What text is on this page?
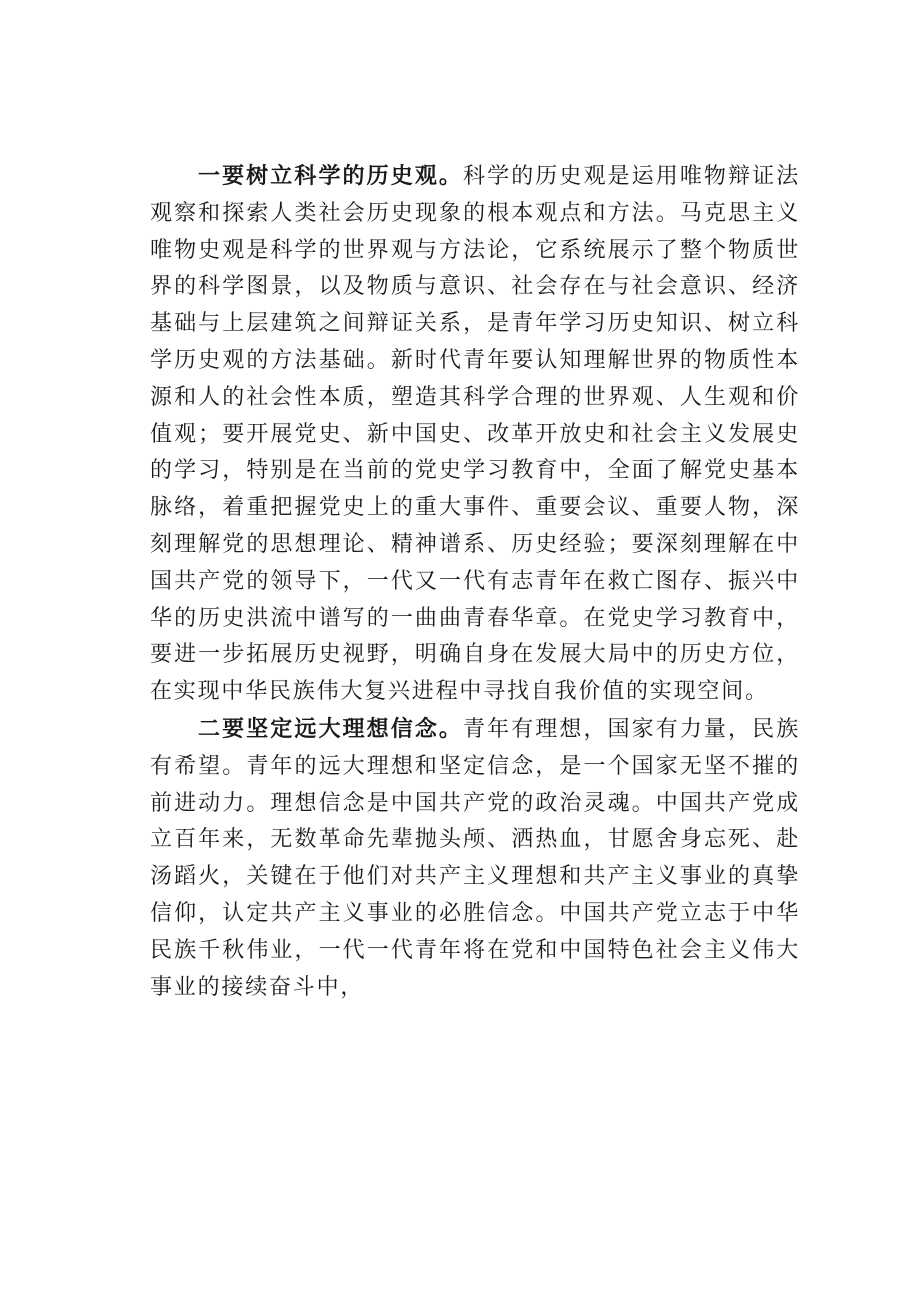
一要树立科学的历史观。科学的历史观是运用唯物辩证法观察和探索人类社会历史现象的根本观点和方法。马克思主义唯物史观是科学的世界观与方法论，它系统展示了整个物质世界的科学图景，以及物质与意识、社会存在与社会意识、经济基础与上层建筑之间辩证关系，是青年学习历史知识、树立科学历史观的方法基础。新时代青年要认知理解世界的物质性本源和人的社会性本质，塑造其科学合理的世界观、人生观和价值观；要开展党史、新中国史、改革开放史和社会主义发展史的学习，特别是在当前的党史学习教育中，全面了解党史基本脉络，着重把握党史上的重大事件、重要会议、重要人物，深刻理解党的思想理论、精神谱系、历史经验；要深刻理解在中国共产党的领导下，一代又一代有志青年在救亡图存、振兴中华的历史洪流中谱写的一曲曲青春华章。在党史学习教育中，要进一步拓展历史视野，明确自身在发展大局中的历史方位，在实现中华民族伟大复兴进程中寻找自我价值的实现空间。

二要坚定远大理想信念。青年有理想，国家有力量，民族有希望。青年的远大理想和坚定信念，是一个国家无坚不摧的前进动力。理想信念是中国共产党的政治灵魂。中国共产党成立百年来，无数革命先辈抛头颅、洒热血，甘愿舍身忘死、赴汤蹈火，关键在于他们对共产主义理想和共产主义事业的真挚信仰，认定共产主义事业的必胜信念。中国共产党立志于中华民族千秋伟业，一代一代青年将在党和中国特色社会主义伟大事业的接续奋斗中，
